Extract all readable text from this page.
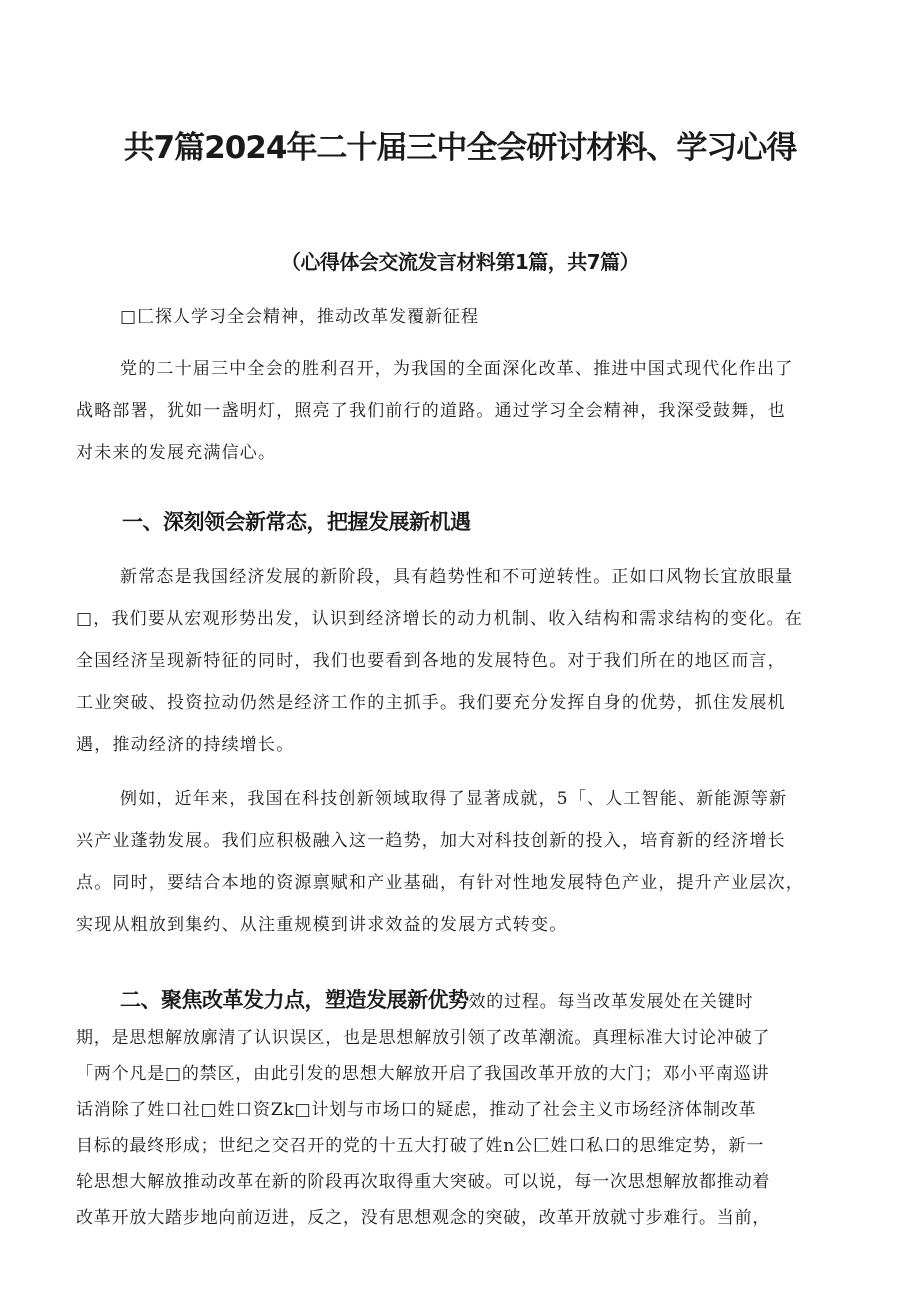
共7篇2024年二十届三中全会研讨材料、学习心得
（心得体会交流发言材料第1篇，共7篇）
□匚探人学习全会精神，推动改革发覆新征程
党的二十届三中全会的胜利召开，为我国的全面深化改革、推进中国式现代化作出了
战略部署，犹如一盏明灯，照亮了我们前行的道路。通过学习全会精神，我深受鼓舞，也
对未来的发展充满信心。
一、深刻领会新常态，把握发展新机遇
新常态是我国经济发展的新阶段，具有趋势性和不可逆转性。正如口风物长宜放眼量
□，我们要从宏观形势出发，认识到经济增长的动力机制、收入结构和需求结构的变化。在
全国经济呈现新特征的同时，我们也要看到各地的发展特色。对于我们所在的地区而言，
工业突破、投资拉动仍然是经济工作的主抓手。我们要充分发挥自身的优势，抓住发展机
遇，推动经济的持续增长。
例如，近年来，我国在科技创新领域取得了显著成就，5「、人工智能、新能源等新
兴产业蓬勃发展。我们应积极融入这一趋势，加大对科技创新的投入，培育新的经济增长
点。同时，要结合本地的资源禀赋和产业基础，有针对性地发展特色产业，提升产业层次，
实现从粗放到集约、从注重规模到讲求效益的发展方式转变。
二、聚焦改革发力点，塑造发展新优势效的过程。每当改革发展处在关键时
期，是思想解放廓清了认识误区，也是思想解放引领了改革潮流。真理标准大讨论冲破了
「两个凡是□的禁区，由此引发的思想大解放开启了我国改革开放的大门；邓小平南巡讲
话消除了姓口社□姓口资Zk□计划与市场口的疑虑，推动了社会主义市场经济体制改革
目标的最终形成；世纪之交召开的党的十五大打破了姓n公匚姓口私口的思维定势，新一
轮思想大解放推动改革在新的阶段再次取得重大突破。可以说，每一次思想解放都推动着
改革开放大踏步地向前迈进，反之，没有思想观念的突破，改革开放就寸步难行。当前，
